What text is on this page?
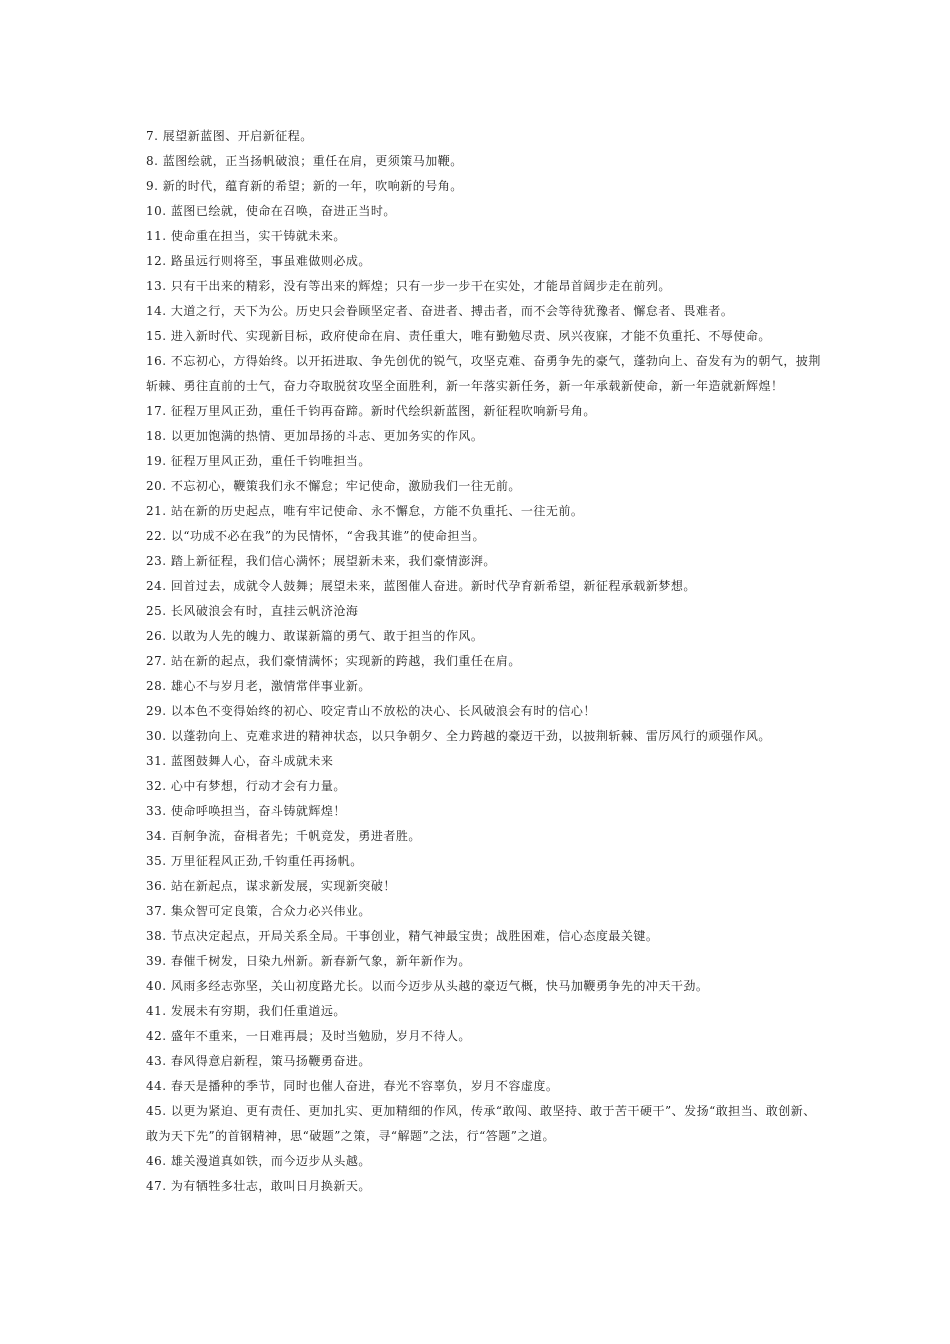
7. 展望新蓝图、开启新征程。
8. 蓝图绘就，正当扬帆破浪；重任在肩，更须策马加鞭。
9. 新的时代，蕴育新的希望；新的一年，吹响新的号角。
10. 蓝图已绘就，使命在召唤，奋进正当时。
11. 使命重在担当，实干铸就未来。
12. 路虽远行则将至，事虽难做则必成。
13. 只有干出来的精彩，没有等出来的辉煌；只有一步一步干在实处，才能昂首阔步走在前列。
14. 大道之行，天下为公。历史只会眷顾坚定者、奋进者、搏击者，而不会等待犹豫者、懈怠者、畏难者。
15. 进入新时代、实现新目标，政府使命在肩、责任重大，唯有勤勉尽责、夙兴夜寐，才能不负重托、不辱使命。
16. 不忘初心，方得始终。以开拓进取、争先创优的锐气，攻坚克难、奋勇争先的豪气，蓬勃向上、奋发有为的朝气，披荆
斩棘、勇往直前的士气，奋力夺取脱贫攻坚全面胜利，新一年落实新任务，新一年承载新使命，新一年造就新辉煌！
17. 征程万里风正劲，重任千钧再奋蹄。新时代绘织新蓝图，新征程吹响新号角。
18. 以更加饱满的热情、更加昂扬的斗志、更加务实的作风。
19. 征程万里风正劲，重任千钧唯担当。
20. 不忘初心，鞭策我们永不懈怠；牢记使命，激励我们一往无前。
21. 站在新的历史起点，唯有牢记使命、永不懈怠，方能不负重托、一往无前。
22. 以“功成不必在我”的为民情怀，“舍我其谁”的使命担当。
23. 踏上新征程，我们信心满怀；展望新未来，我们豪情澎湃。
24. 回首过去，成就令人鼓舞；展望未来，蓝图催人奋进。新时代孕育新希望，新征程承载新梦想。
25. 长风破浪会有时，直挂云帆济沧海
26. 以敢为人先的魄力、敢谋新篇的勇气、敢于担当的作风。
27. 站在新的起点，我们豪情满怀；实现新的跨越，我们重任在肩。
28. 雄心不与岁月老，激情常伴事业新。
29. 以本色不变得始终的初心、咬定青山不放松的决心、长风破浪会有时的信心！
30. 以蓬勃向上、克难求进的精神状态，以只争朝夕、全力跨越的豪迈干劲，以披荆斩棘、雷厉风行的顽强作风。
31. 蓝图鼓舞人心，奋斗成就未来
32. 心中有梦想，行动才会有力量。
33. 使命呼唤担当，奋斗铸就辉煌！
34. 百舸争流，奋楫者先；千帆竞发，勇进者胜。
35. 万里征程风正劲,千钧重任再扬帆。
36. 站在新起点，谋求新发展，实现新突破！
37. 集众智可定良策，合众力必兴伟业。
38. 节点决定起点，开局关系全局。干事创业，精气神最宝贵；战胜困难，信心态度最关键。
39. 春催千树发，日染九州新。新春新气象，新年新作为。
40. 风雨多经志弥坚，关山初度路尤长。以而今迈步从头越的豪迈气概，快马加鞭勇争先的冲天干劲。
41. 发展未有穷期，我们任重道远。
42. 盛年不重来，一日难再晨；及时当勉励，岁月不待人。
43. 春风得意启新程，策马扬鞭勇奋进。
44. 春天是播种的季节，同时也催人奋进，春光不容辜负，岁月不容虚度。
45. 以更为紧迫、更有责任、更加扎实、更加精细的作风，传承“敢闯、敢坚持、敢于苦干硬干”、发扬“敢担当、敢创新、
敢为天下先”的首钢精神，思“破题”之策，寻“解题”之法，行“答题”之道。
46. 雄关漫道真如铁，而今迈步从头越。
47. 为有牺牲多壮志，敢叫日月换新天。
